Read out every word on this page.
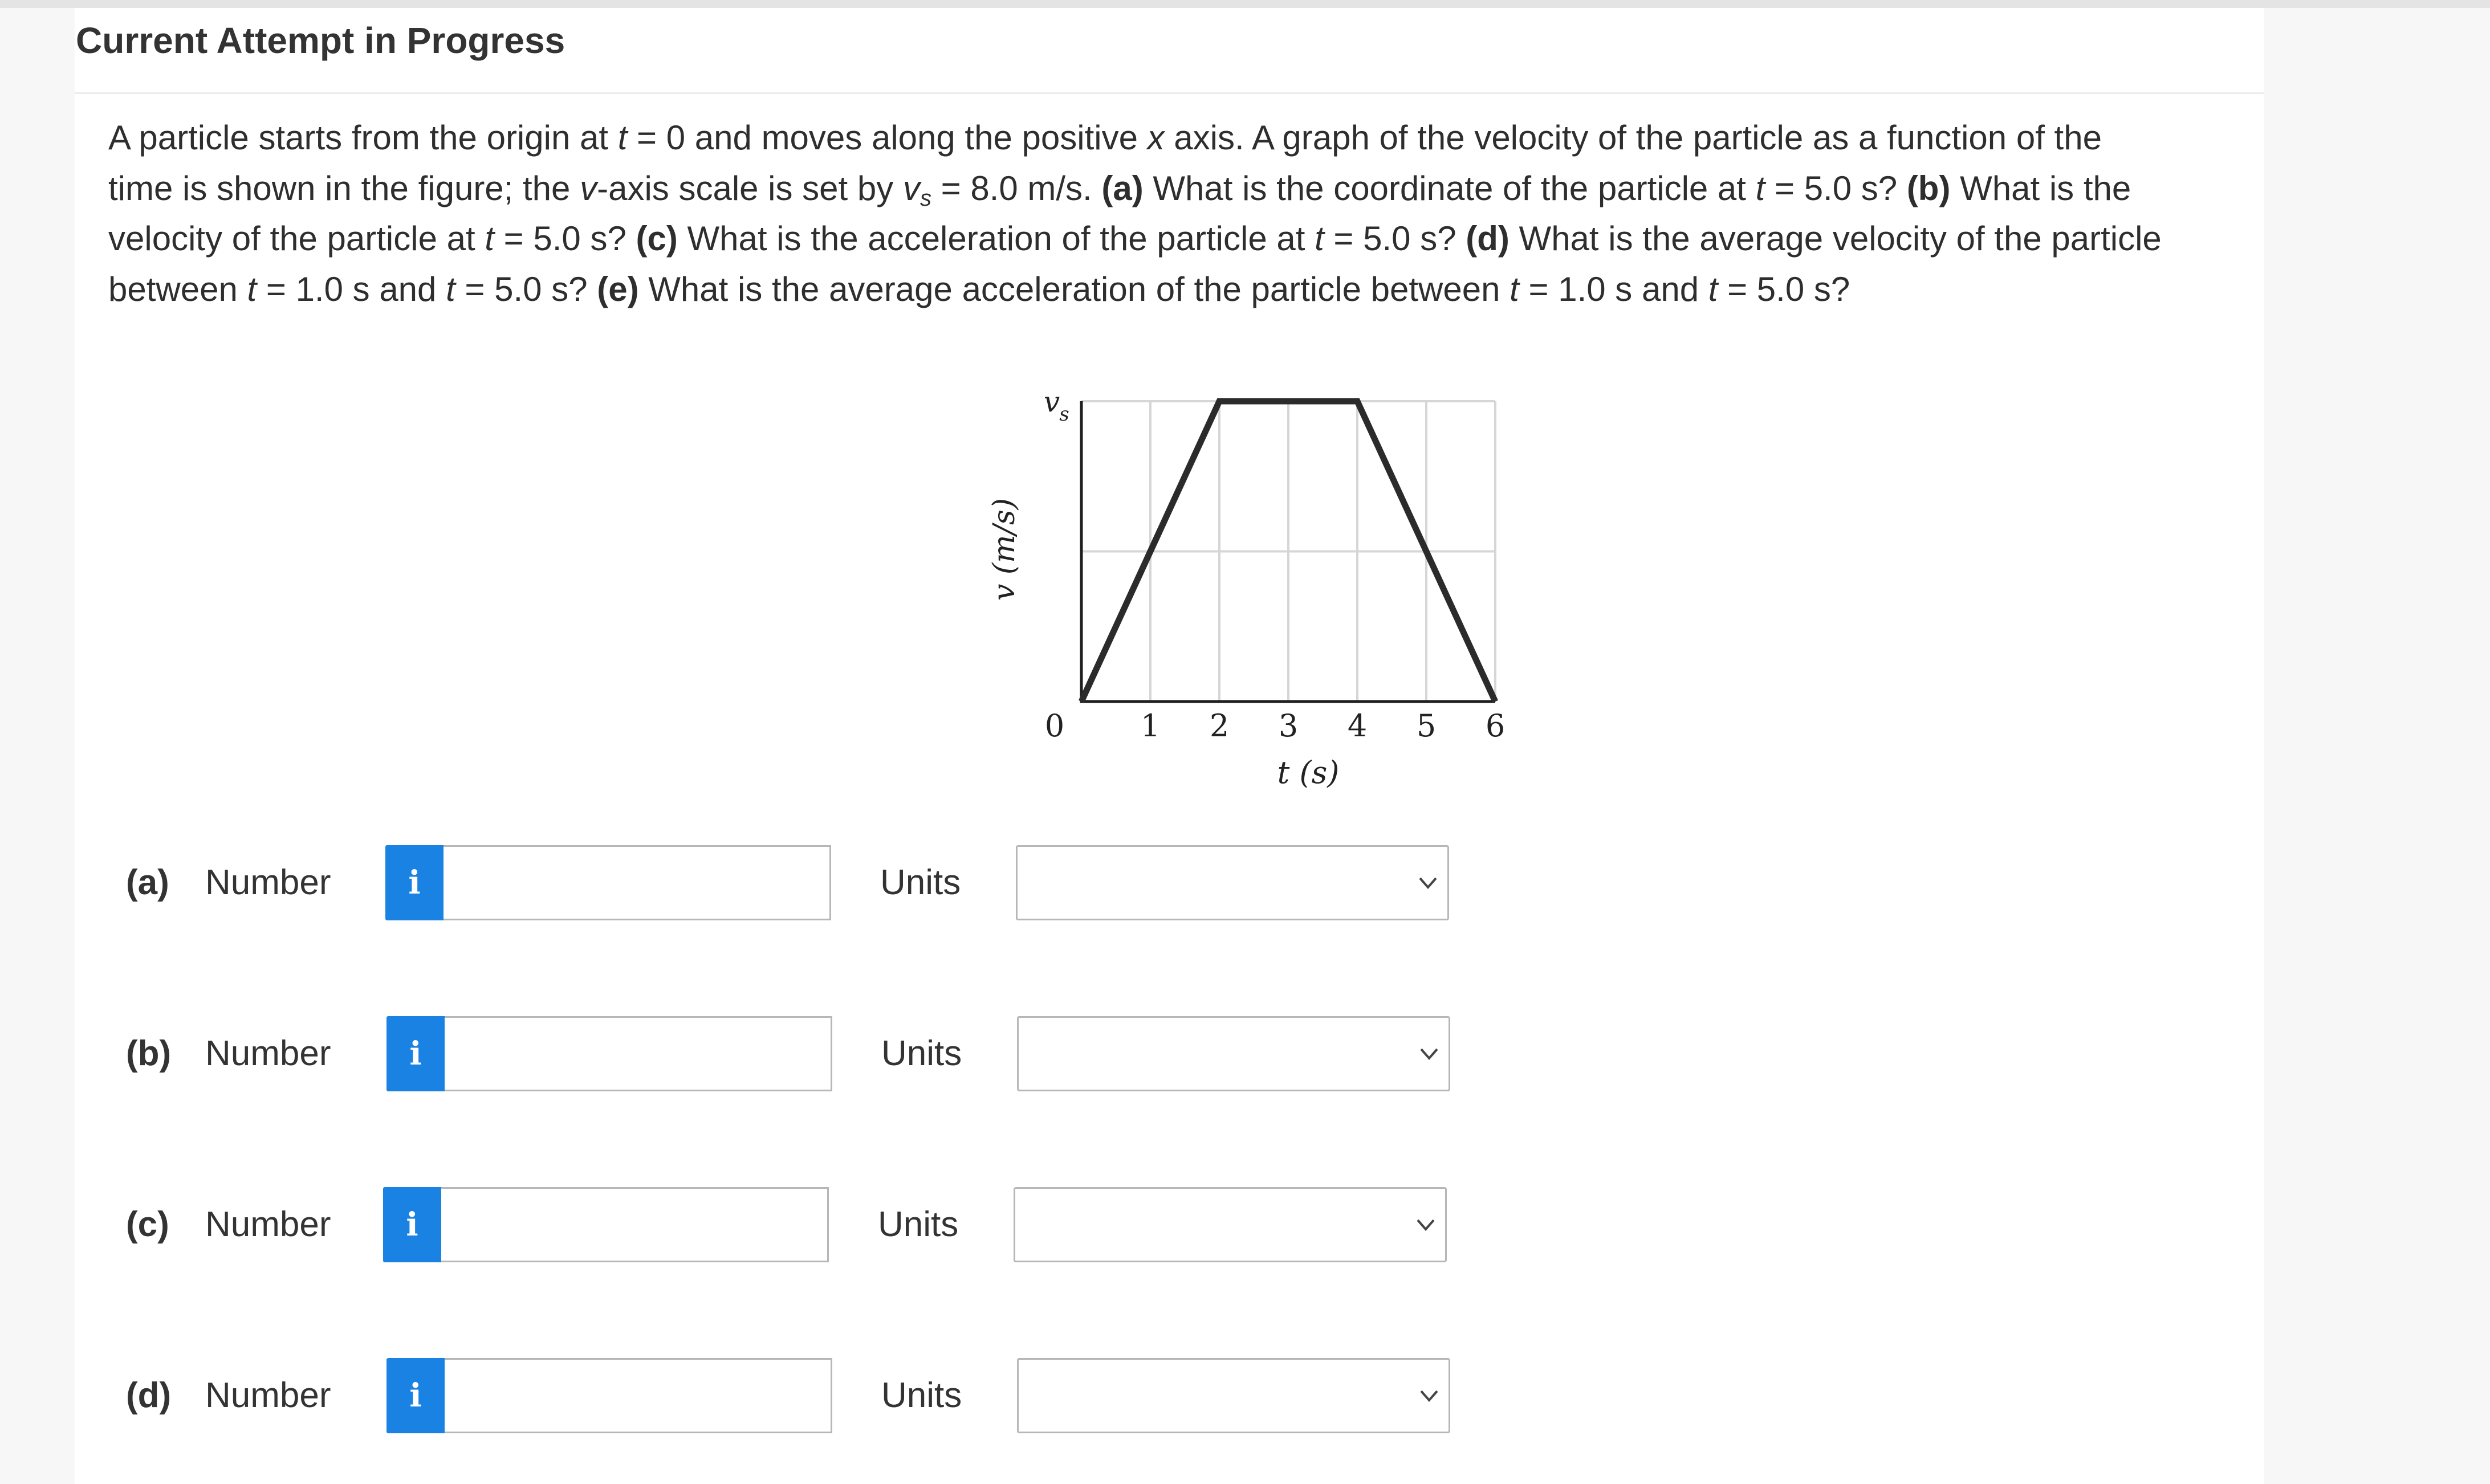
Current Attempt in Progress
A particle starts from the origin at t = 0 and moves along the positive x axis. A graph of the velocity of the particle as a function of the
time is shown in the figure; the v-axis scale is set by $v_s = 8.0$ m/s. (a) What is the coordinate of the particle at t = 5.0 s? (b) What is the
velocity of the particle at t = 5.0 s? (c) What is the acceleration of the particle at t = 5.0 s? (d) What is the average velocity of the particle
between t = 1.0 s and t = 5.0 s? (e) What is the average acceleration of the particle between t = 1.0 s and t = 5.0 s?
0 1 2 3 4 5 6
v s
v (m/s)
t (s)
(a) Number	i	Units
(b) Number	i	Units
(c) Number	i	Units
(d) Number	i	Units
